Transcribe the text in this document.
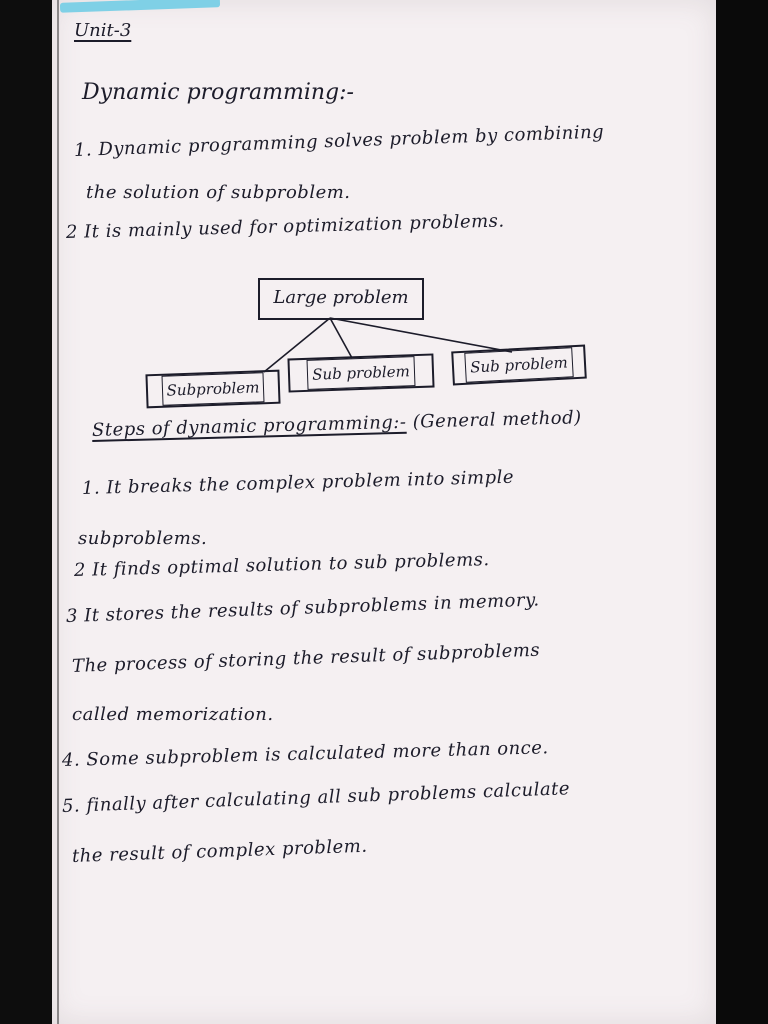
Unit-3
Dynamic programming:-
1. Dynamic programming solves problem by combining
the solution of subproblem.
2 It is mainly used for optimization problems.
Large problem
Subproblem
Sub problem	Sub problem
Steps of dynamic programming:- (General method)
1. It breaks the complex problem into simple
subproblems.
2 It finds optimal solution to sub problems.
3 It stores the results of subproblems in memory.
The process of storing the result of subproblems
called memorization.
4. Some subproblem is calculated more than once.
5. finally after calculating all sub problems calculate
the result of complex problem.
